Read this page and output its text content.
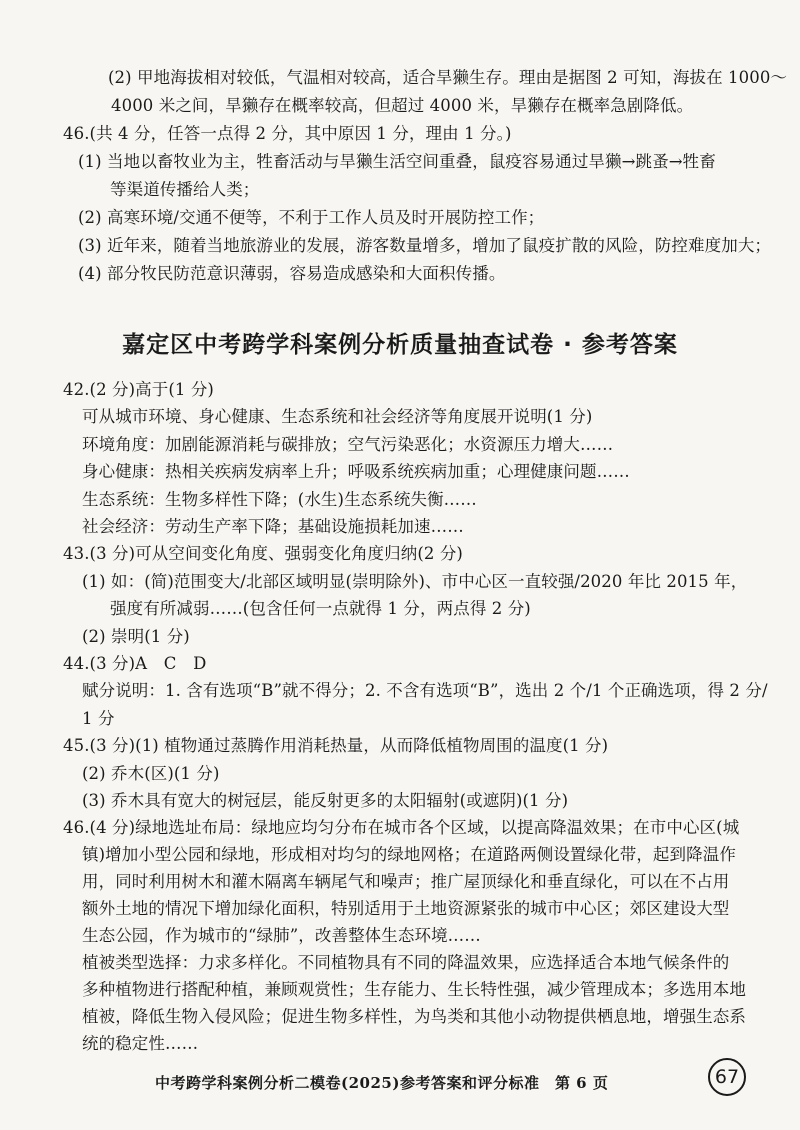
(2) 甲地海拔相对较低，气温相对较高，适合旱獭生存。理由是据图 2 可知，海拔在 1000～
4000 米之间，旱獭存在概率较高，但超过 4000 米，旱獭存在概率急剧降低。
46.(共 4 分，任答一点得 2 分，其中原因 1 分，理由 1 分。)
(1) 当地以畜牧业为主，牲畜活动与旱獭生活空间重叠，鼠疫容易通过旱獭→跳蚤→牲畜
等渠道传播给人类；
(2) 高寒环境/交通不便等，不利于工作人员及时开展防控工作；
(3) 近年来，随着当地旅游业的发展，游客数量增多，增加了鼠疫扩散的风险，防控难度加大；
(4) 部分牧民防范意识薄弱，容易造成感染和大面积传播。
嘉定区中考跨学科案例分析质量抽查试卷 · 参考答案
42.(2 分)高于(1 分)
可从城市环境、身心健康、生态系统和社会经济等角度展开说明(1 分)
环境角度：加剧能源消耗与碳排放；空气污染恶化；水资源压力增大……
身心健康：热相关疾病发病率上升；呼吸系统疾病加重；心理健康问题……
生态系统：生物多样性下降；(水生)生态系统失衡……
社会经济：劳动生产率下降；基础设施损耗加速……
43.(3 分)可从空间变化角度、强弱变化角度归纳(2 分)
(1) 如：(简)范围变大/北部区域明显(崇明除外)、市中心区一直较强/2020 年比 2015 年，
强度有所减弱……(包含任何一点就得 1 分，两点得 2 分)
(2) 崇明(1 分)
44.(3 分)A　C　D
赋分说明：1. 含有选项“B”就不得分；2. 不含有选项“B”，选出 2 个/1 个正确选项，得 2 分/
1 分
45.(3 分)(1) 植物通过蒸腾作用消耗热量，从而降低植物周围的温度(1 分)
(2) 乔木(区)(1 分)
(3) 乔木具有宽大的树冠层，能反射更多的太阳辐射(或遮阴)(1 分)
46.(4 分)绿地选址布局：绿地应均匀分布在城市各个区域，以提高降温效果；在市中心区(城
镇)增加小型公园和绿地，形成相对均匀的绿地网格；在道路两侧设置绿化带，起到降温作
用，同时利用树木和灌木隔离车辆尾气和噪声；推广屋顶绿化和垂直绿化，可以在不占用
额外土地的情况下增加绿化面积，特别适用于土地资源紧张的城市中心区；郊区建设大型
生态公园，作为城市的“绿肺”，改善整体生态环境……
植被类型选择：力求多样化。不同植物具有不同的降温效果，应选择适合本地气候条件的
多种植物进行搭配种植，兼顾观赏性；生存能力、生长特性强，减少管理成本；多选用本地
植被，降低生物入侵风险；促进生物多样性，为鸟类和其他小动物提供栖息地，增强生态系
中考跨学科案例分析二模卷(2025)参考答案和评分标准　第 6 页	67
统的稳定性……
